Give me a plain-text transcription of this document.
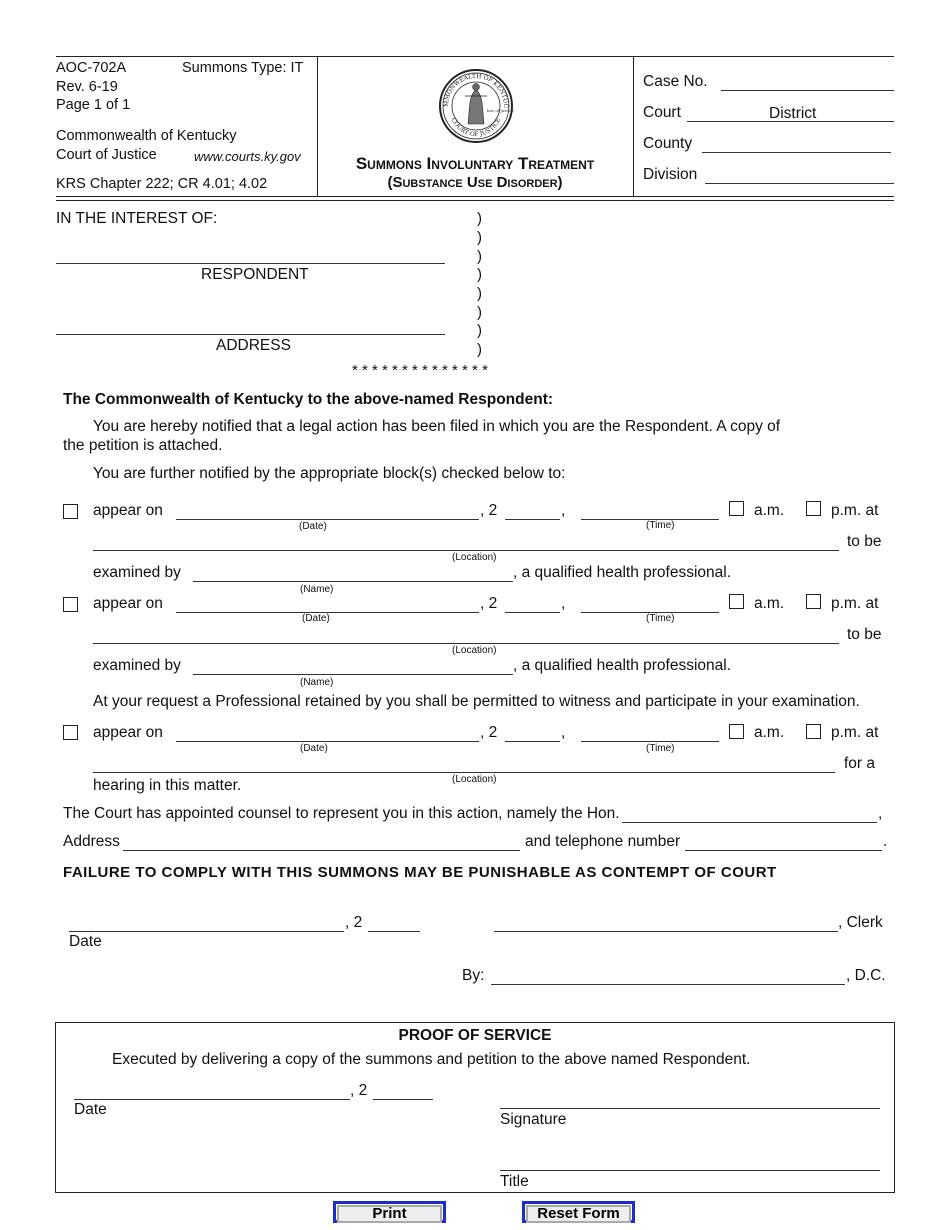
AOC-702A	Summons Type: IT
Rev. 6-19
Page 1 of 1
Commonwealth of Kentucky
Court of Justice	www.courts.ky.gov
KRS Chapter 222; CR 4.01; 4.02
MMONWEALTH OF KENTUC
COURT OF JUSTICE
law of justice
Summons Involuntary Treatment
(Substance Use Disorder)
Case No.
Court	District
County
Division
IN THE INTEREST OF:
RESPONDENT
ADDRESS
)
)
)
)
)
)
)
)
* * * * * * * * * * * * * *
The Commonwealth of Kentucky to the above-named Respondent:
You are hereby notified that a legal action has been filed in which you are the Respondent. A copy of
the petition is attached.
You are further notified by the appropriate block(s) checked below to:
appear on	, 2	,	a.m.	p.m. at
(Date)	(Time)
to be
(Location)
examined by	, a qualified health professional.
(Name)
appear on	, 2	,	a.m.	p.m. at
(Date)	(Time)
to be
(Location)
examined by	, a qualified health professional.
(Name)
At your request a Professional retained by you shall be permitted to witness and participate in your examination.
appear on	, 2	,	a.m.	p.m. at
(Date)	(Time)
for a
(Location)
hearing in this matter.
The Court has appointed counsel to represent you in this action, namely the Hon.	,
Address	and telephone number	.
FAILURE TO COMPLY WITH THIS SUMMONS MAY BE PUNISHABLE AS CONTEMPT OF COURT
, 2
Date
, Clerk
By:	, D.C.
PROOF OF SERVICE
Executed by delivering a copy of the summons and petition to the above named Respondent.
, 2
Date
Signature
Title
Print	Reset Form
